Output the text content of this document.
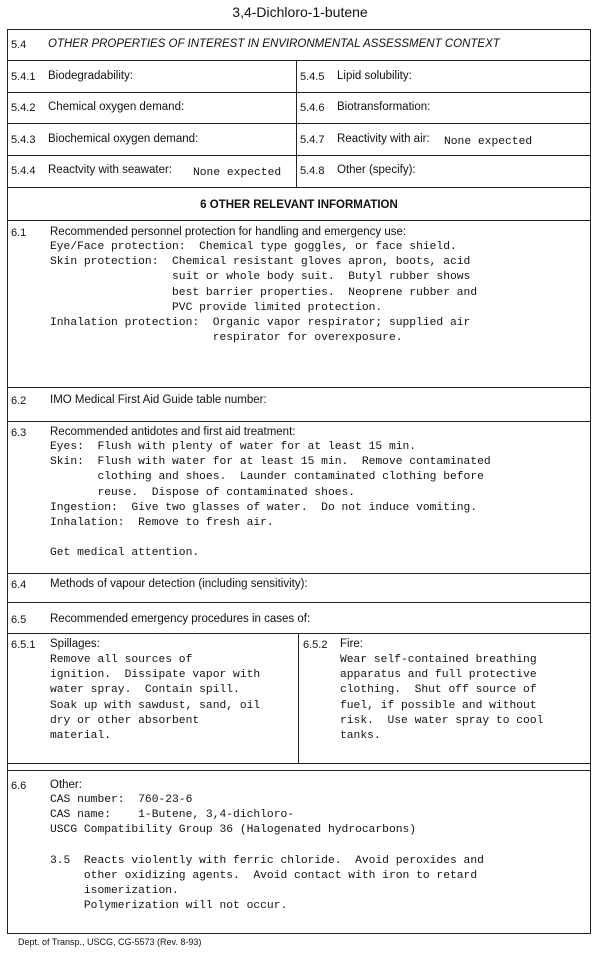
3,4-Dichloro-1-butene
5.4 OTHER PROPERTIES OF INTEREST IN ENVIRONMENTAL ASSESSMENT CONTEXT
5.4.1 Biodegradability:	5.4.5 Lipid solubility:
5.4.2 Chemical oxygen demand:	5.4.6 Biotransformation:
5.4.3 Biochemical oxygen demand:	5.4.7 Reactivity with air: None expected
5.4.4 Reactvity with seawater: None expected 5.4.8 Other (specify):
6 OTHER RELEVANT INFORMATION
6.1 Recommended personnel protection for handling and emergency use:
Eye/Face protection:  Chemical type goggles, or face shield.
Skin protection:  Chemical resistant gloves apron, boots, acid
suit or whole body suit.  Butyl rubber shows
best barrier properties.  Neoprene rubber and
PVC provide limited protection.
Inhalation protection:  Organic vapor respirator; supplied air
respirator for overexposure.
6.2 IMO Medical First Aid Guide table number:
6.3 Recommended antidotes and first aid treatment:
Eyes:  Flush with plenty of water for at least 15 min.
Skin:  Flush with water for at least 15 min.  Remove contaminated
clothing and shoes.  Launder contaminated clothing before
reuse.  Dispose of contaminated shoes.
Ingestion:  Give two glasses of water.  Do not induce vomiting.
Inhalation:  Remove to fresh air.

Get medical attention.
6.4 Methods of vapour detection (including sensitivity):
6.5 Recommended emergency procedures in cases of:
6.5.1 Spillages:
Remove all sources of
ignition.  Dissipate vapor with
water spray.  Contain spill.
Soak up with sawdust, sand, oil
dry or other absorbent
material.
6.5.2 Fire:
Wear self-contained breathing
apparatus and full protective
clothing.  Shut off source of
fuel, if possible and without
risk.  Use water spray to cool
tanks.
6.6 Other:
CAS number:  760-23-6
CAS name:    1-Butene, 3,4-dichloro-
USCG Compatibility Group 36 (Halogenated hydrocarbons)

3.5  Reacts violently with ferric chloride.  Avoid peroxides and
other oxidizing agents.  Avoid contact with iron to retard
isomerization.
Polymerization will not occur.
Dept. of Transp., USCG, CG-5573 (Rev. 8-93)
